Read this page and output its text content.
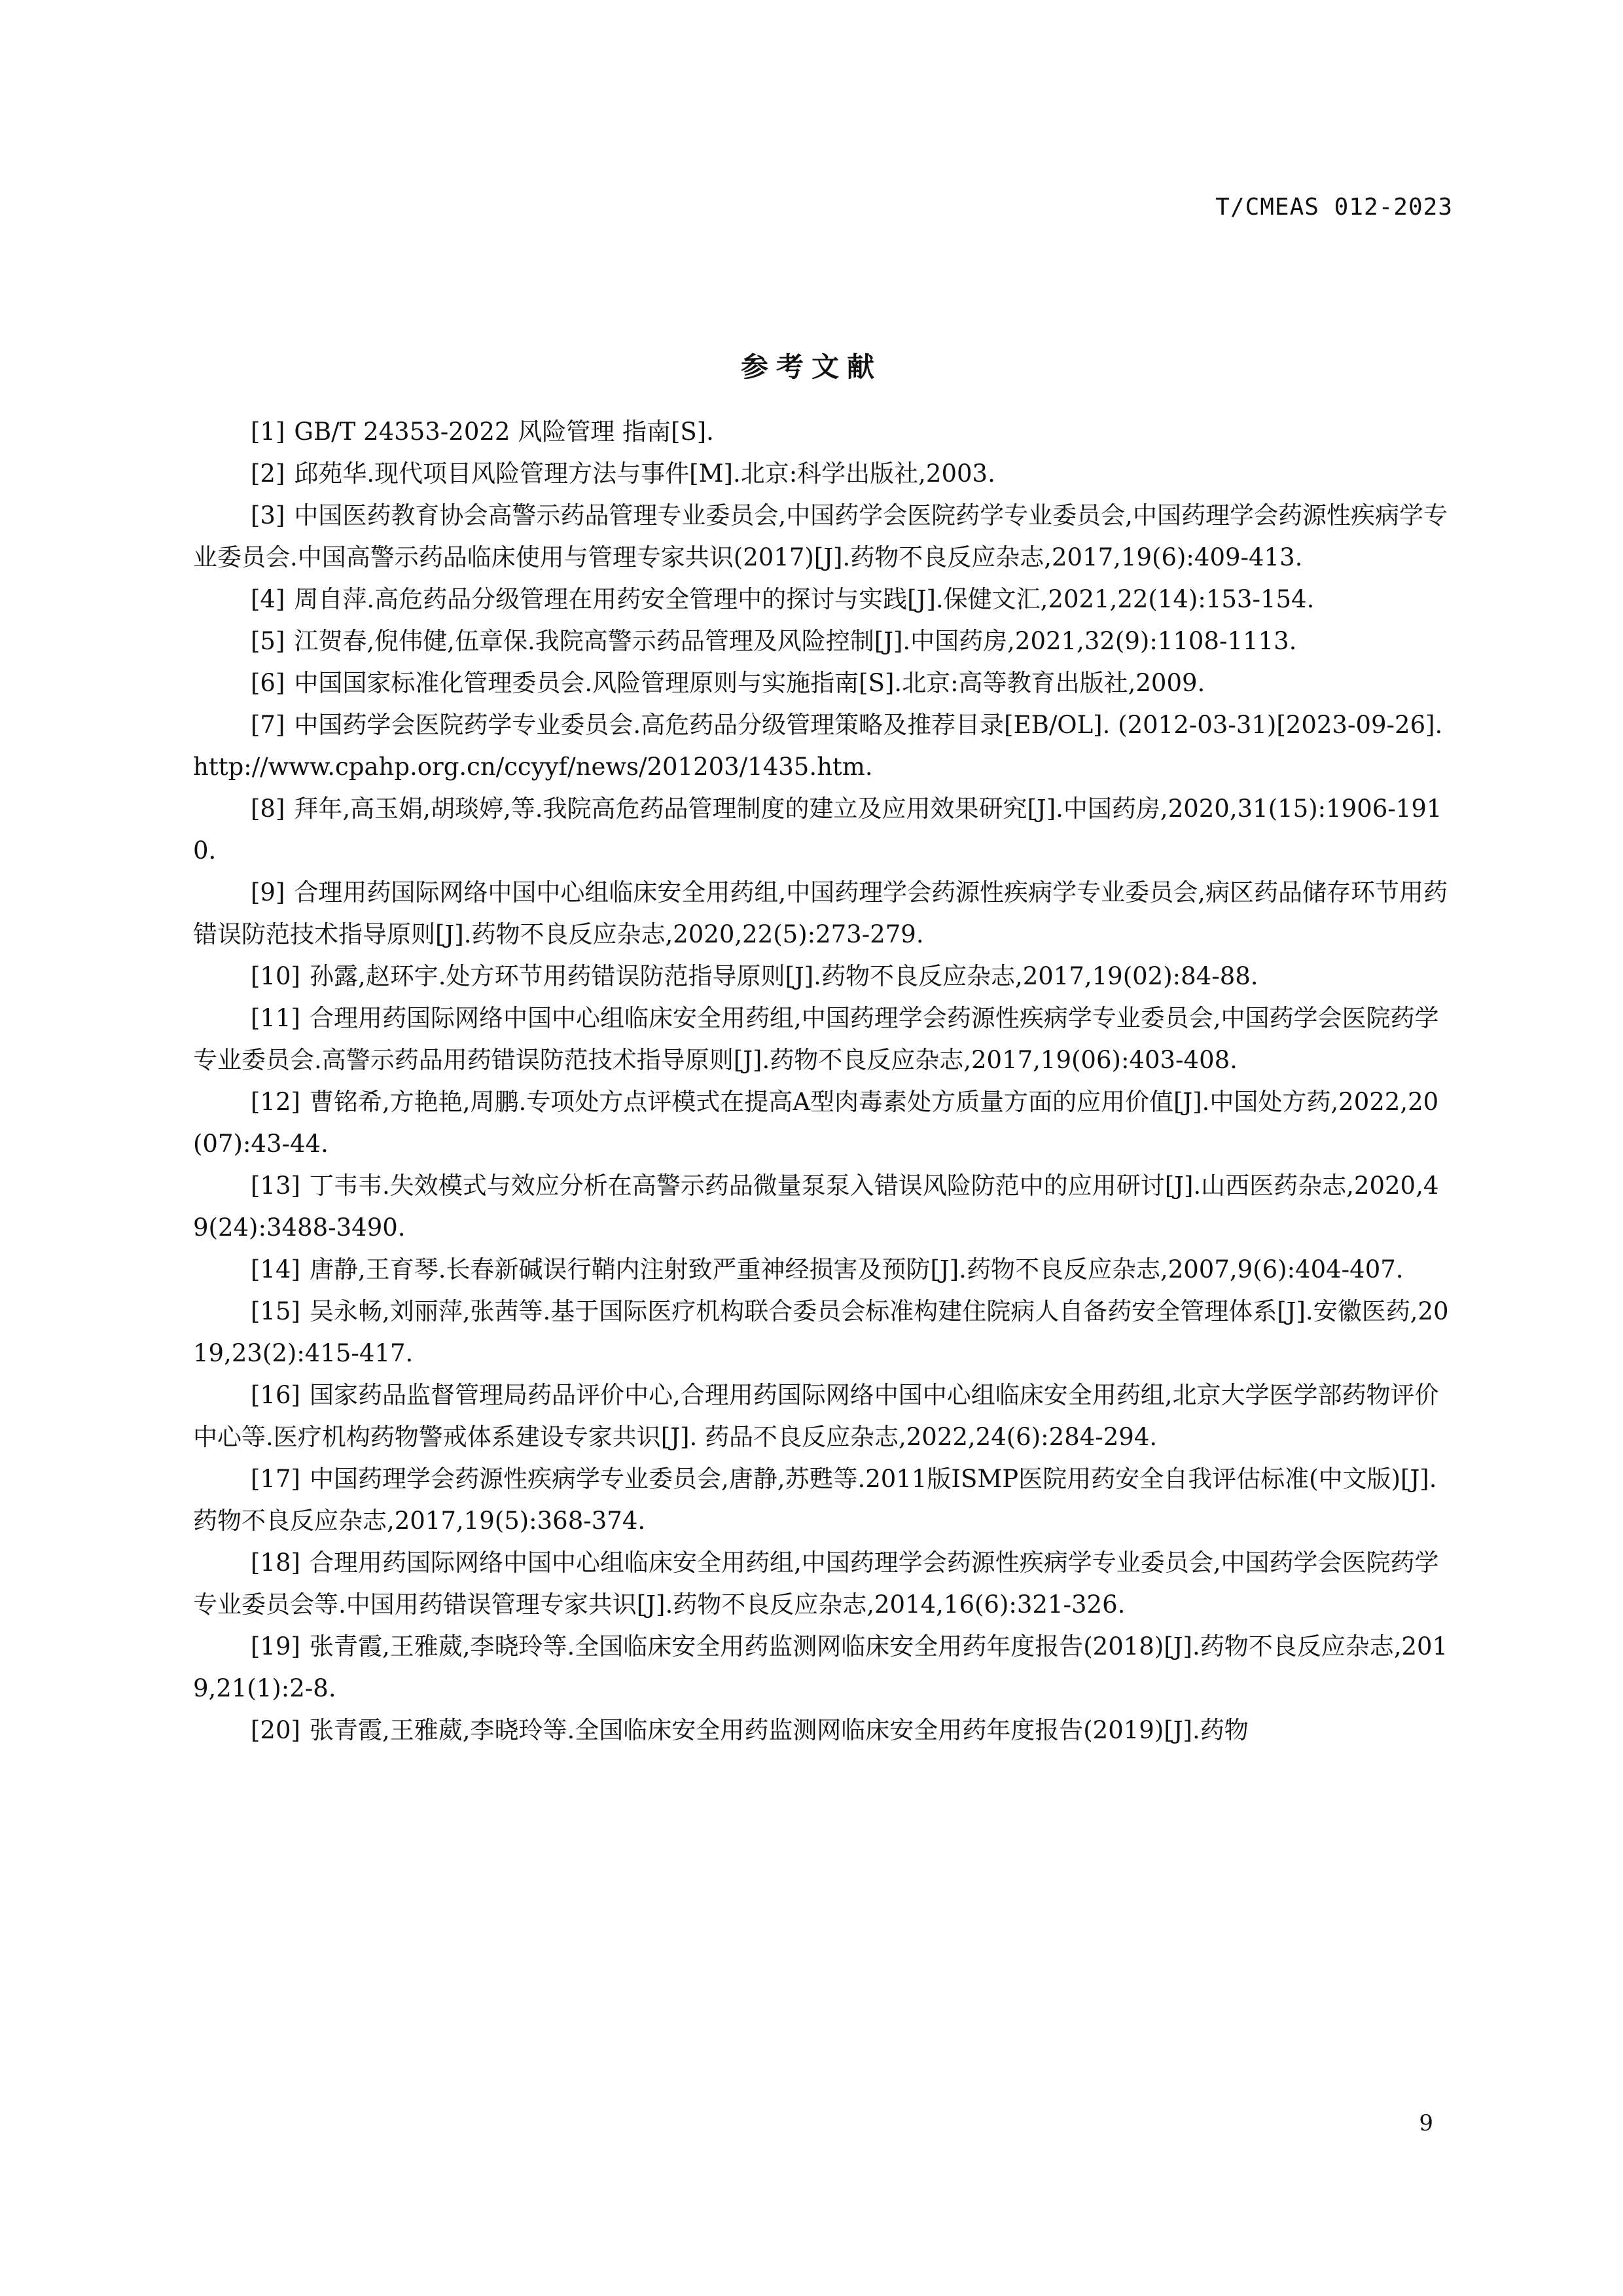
T/CMEAS 012-2023
参考文献
[1] GB/T 24353-2022 风险管理 指南[S].
[2] 邱苑华.现代项目风险管理方法与事件[M].北京:科学出版社,2003.
[3] 中国医药教育协会高警示药品管理专业委员会,中国药学会医院药学专业委员会,中国药理学会药源性疾病学专业委员会.中国高警示药品临床使用与管理专家共识(2017)[J].药物不良反应杂志,2017,19(6):409-413.
[4] 周自萍.高危药品分级管理在用药安全管理中的探讨与实践[J].保健文汇,2021,22(14):153-154.
[5] 江贺春,倪伟健,伍章保.我院高警示药品管理及风险控制[J].中国药房,2021,32(9):1108-1113.
[6] 中国国家标准化管理委员会.风险管理原则与实施指南[S].北京:高等教育出版社,2009.
[7] 中国药学会医院药学专业委员会.高危药品分级管理策略及推荐目录[EB/OL]. (2012-03-31)[2023-09-26]. http://www.cpahp.org.cn/ccyyf/news/201203/1435.htm.
[8] 拜年,高玉娟,胡琰婷,等.我院高危药品管理制度的建立及应用效果研究[J].中国药房,2020,31(15):1906-1910.
[9] 合理用药国际网络中国中心组临床安全用药组,中国药理学会药源性疾病学专业委员会,病区药品储存环节用药错误防范技术指导原则[J].药物不良反应杂志,2020,22(5):273-279.
[10] 孙露,赵环宇.处方环节用药错误防范指导原则[J].药物不良反应杂志,2017,19(02):84-88.
[11] 合理用药国际网络中国中心组临床安全用药组,中国药理学会药源性疾病学专业委员会,中国药学会医院药学专业委员会.高警示药品用药错误防范技术指导原则[J].药物不良反应杂志,2017,19(06):403-408.
[12] 曹铭希,方艳艳,周鹏.专项处方点评模式在提高A型肉毒素处方质量方面的应用价值[J].中国处方药,2022,20(07):43-44.
[13] 丁韦韦.失效模式与效应分析在高警示药品微量泵泵入错误风险防范中的应用研讨[J].山西医药杂志,2020,49(24):3488-3490.
[14] 唐静,王育琴.长春新碱误行鞘内注射致严重神经损害及预防[J].药物不良反应杂志,2007,9(6):404-407.
[15] 吴永畅,刘丽萍,张茜等.基于国际医疗机构联合委员会标准构建住院病人自备药安全管理体系[J].安徽医药,2019,23(2):415-417.
[16] 国家药品监督管理局药品评价中心,合理用药国际网络中国中心组临床安全用药组,北京大学医学部药物评价中心等.医疗机构药物警戒体系建设专家共识[J]. 药品不良反应杂志,2022,24(6):284-294.
[17] 中国药理学会药源性疾病学专业委员会,唐静,苏甦等.2011版ISMP医院用药安全自我评估标准(中文版)[J].药物不良反应杂志,2017,19(5):368-374.
[18] 合理用药国际网络中国中心组临床安全用药组,中国药理学会药源性疾病学专业委员会,中国药学会医院药学专业委员会等.中国用药错误管理专家共识[J].药物不良反应杂志,2014,16(6):321-326.
[19] 张青霞,王雅葳,李晓玲等.全国临床安全用药监测网临床安全用药年度报告(2018)[J].药物不良反应杂志,2019,21(1):2-8.
[20] 张青霞,王雅葳,李晓玲等.全国临床安全用药监测网临床安全用药年度报告(2019)[J].药物
9
